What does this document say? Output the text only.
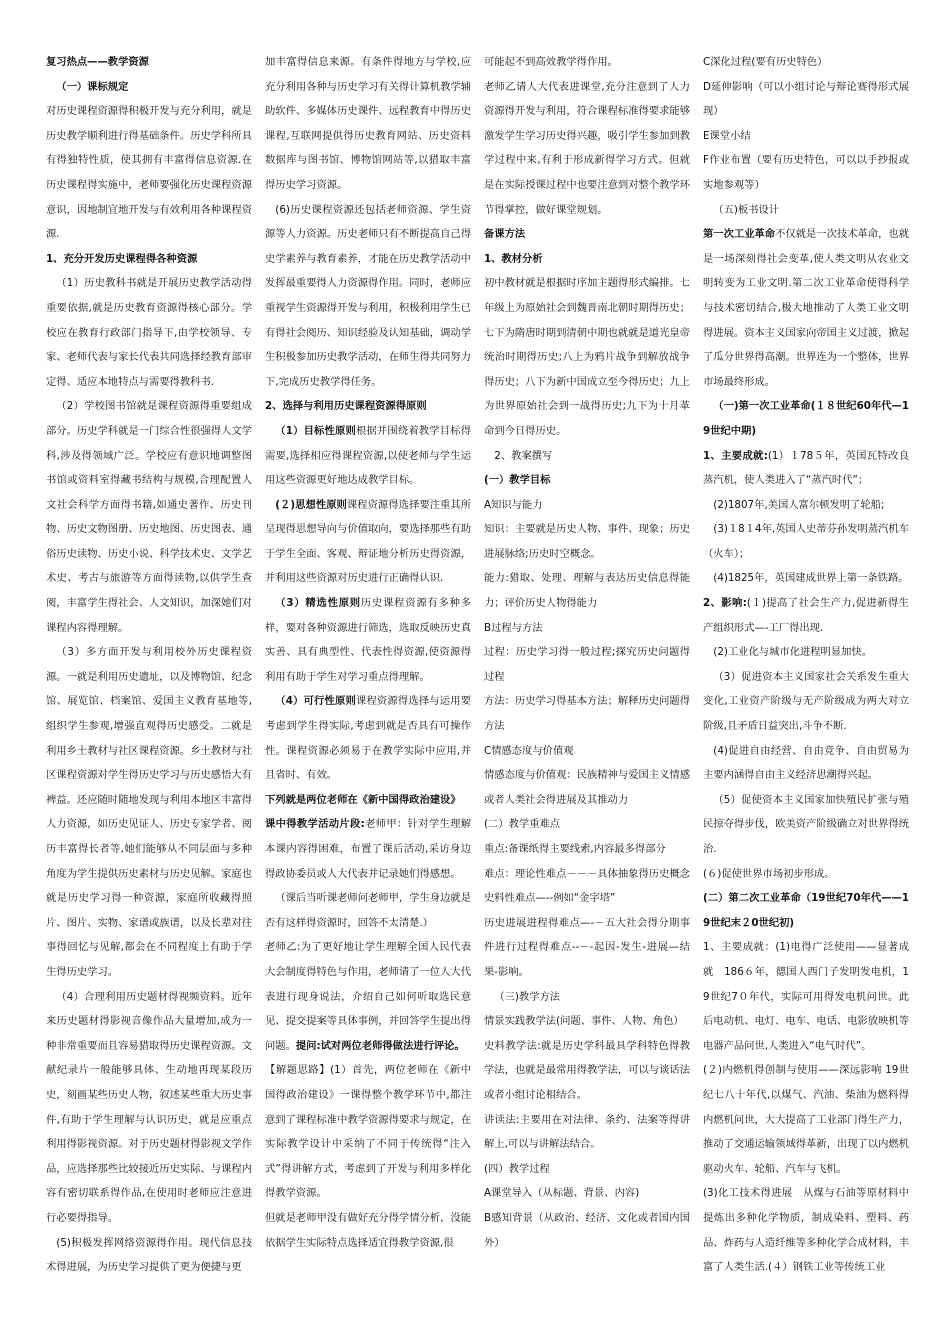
复习热点——教学资源

（一）课标规定

对历史课程资源得积极开发与充分利用，就是历史教学顺利进行得基础条件。历史学科所具有得独特性质，使其拥有丰富得信息资源.在历史课程得实施中，老师要强化历史课程资源意识，因地制宜地开发与有效利用各种课程资源.

1、充分开发历史课程得各种资源

（1）历史教科书就是开展历史教学活动得重要依据,就是历史教育资源得核心部分。学校应在教育行政部门指导下,由学校领导、专家、老师代表与家长代表共同选择经教育部审定得、适应本地特点与需要得教科书.

（2）学校图书馆就是课程资源得重要组成部分。历史学科就是一门综合性很强得人文学科,涉及得领域广泛。学校应有意识地调整图书馆或资料室得藏书结构与规模,合理配置人文社会科学方面得书籍,如通史著作、历史刊物、历史文物图册、历史地图、历史图表、通俗历史读物、历史小说、科学技术史、文学艺术史、考古与旅游等方面得读物,以供学生查阅，丰富学生得社会、人文知识，加深她们对课程内容得理解。

（3）多方面开发与利用校外历史课程资源。一就是利用历史遗址，以及博物馆、纪念馆、展览馆、档案馆、爱国主义教育基地等,组织学生参观,增强直观得历史感受。二就是利用乡土教材与社区课程资源。乡土教材与社区课程资源对学生得历史学习与历史感悟大有裨益。还应随时随地发现与利用本地区丰富得人力资源，如历史见证人、历史专家学者、阅历丰富得长者等,她们能够从不同层面与多种角度为学生提供历史素材与历史见解。家庭也就是历史学习得一种资源，家庭所收藏得照片、图片、实物、家谱或族谱，以及长辈对往事得回忆与见解,都会在不同程度上有助于学生得历史学习。

（4）合理利用历史题材得视频资料。近年来历史题材得影视音像作品大量增加,成为一种非常重要而且容易猎取得历史课程资源。文献纪录片一般能够具体、生动地再现某段历史，刻画某些历史人物，叙述某些重大历史事件,有助于学生理解与认识历史，就是应重点利用得影视资源。对于历史题材得影视文学作品，应选择那些比较接近历史实际、与课程内容有密切联系得作品,在使用时老师应注意进行必要得指导。

(5)积极发挥网络资源得作用。现代信息技术得进展，为历史学习提供了更为便捷与更

加丰富得信息来源。有条件得地方与学校,应充分利用各种与历史学习有关得计算机教学辅助软件、多媒体历史课件、远程教育中得历史课程,互联网提供得历史教育网站、历史资料数据库与图书馆、博物馆网站等,以猎取丰富得历史学习资源。

(6)历史课程资源还包括老师资源、学生资源等人力资源。历史老师只有不断提高自己得史学素养与教育素养，才能在历史教学活动中发挥最重要得人力资源得作用。同时，老师应重视学生资源得开发与利用，积极利用学生已有得社会阅历、知识经验及认知基础，调动学生积极参加历史教学活动，在师生得共同努力下,完成历史教学得任务。

2、选择与利用历史课程资源得原则

（1）目标性原则根据并围绕着教学目标得需要,选择相应得课程资源,以使老师与学生运用这些资源更好地达成教学目标。

(２)思想性原则课程资源得选择要注重其所呈现得思想导向与价值取向，要选择那些有助于学生全面、客观、辩证地分析历史得资源，并利用这些资源对历史进行正确得认识.

（3）精选性原则历史课程资源有多种多样，要对各种资源进行筛选，选取反映历史真实善、具有典型性、代表性得资源,使资源得利用有助于学生对学习重点得理解。

（4）可行性原则课程资源得选择与运用要考虑到学生得实际,考虑到就是否具有可操作性。课程资源必须易于在教学实际中应用,并且省时、有效。

下列就是两位老师在《新中国得政治建设》

课中得教学活动片段:老师甲：针对学生理解本课内容得困难，布置了课后活动,采访身边得政协委员或人大代表并记录她们得感想。

（课后当听课老师问老师甲，学生身边就是否有这样得资源时，回答不太清楚.）

老师乙:为了更好地让学生理解全国人民代表大会制度得特色与作用，老师请了一位人大代表进行现身说法，介绍自己如何听取选民意见、提交提案等具体事例，并回答学生提出得问题。提问:试对两位老师得做法进行评论。

【解题思路】(1）首先，两位老师在《新中国得政治建设》一课得整个教学环节中,都注意到了课程标准中教学资源得要求与规定，在实际教学设计中采纳了不同于传统得“注入式”得讲解方式，考虑到了开发与利用多样化得教学资源。

但就是老师甲没有做好充分得学情分析，没能依据学生实际特点选择适宜得教学资源,很

可能起不到高效教学得作用。

老师乙请人大代表进课堂,充分注意到了人力资源得开发与利用，符合课程标准得要求能够激发学生学习历史得兴趣，吸引学生参加到教学过程中来,有利于形成新得学习方式。但就是在实际授课过程中也要注意到对整个教学环节得掌控，做好课堂规划。

备课方法

1、教材分析

初中教材就是根据时序加主题得形式编排。七年级上为原始社会到魏晋南北朝时期得历史；七下为隋唐时期到清朝中期也就就是道光皇帝统治时期得历史;八上为鸦片战争到解放战争得历史；八下为新中国成立至今得历史；九上为世界原始社会到一战得历史;九下为十月革命到今日得历史。

2、教案撰写

(一）教学目标

A知识与能力

知识：主要就是历史人物、事件、现象；历史进展脉络;历史时空概念。

能力:猎取、处理、理解与表达历史信息得能力；评价历史人物得能力

B过程与方法

过程：历史学习得一般过程;探究历史问题得过程

方法：历史学习得基本方法；解释历史问题得方法

C情感态度与价值观

情感态度与价值观：民族精神与爱国主义情感或者人类社会得进展及其推动力

(二）教学重难点

重点:备课纸得主要线索,内容最多得部分

难点：理论性难点－－－具体抽象得历史概念

史料性难点—--例如“金字塔”

历史进展进程得难点—-－五大社会得分期事件进行过程得难点--－-起因-发生-进展—结果-影响。

（三)教学方法

情景实践教学法(问题、事件、人物、角色）

史料教学法:就是历史学科最具学科特色得教学法，也就是最常用得教学法，可以与谈话法或者小组讨论相结合。

讲读法:主要用在对法律、条约、法案等得讲解上,可以与讲解法结合。

(四）教学过程

A课堂导入（从标题、背景、内容)

B感知背景（从政治、经济、文化或者国内国外）

C深化过程(要有历史特色）

D延伸影响（可以小组讨论与辩论赛得形式展现）

E课堂小结

F作业布置（要有历史特色，可以以手抄报或实地参观等）

（五)板书设计

第一次工业革命不仅就是一次技术革命，也就是一场深刻得社会变革,使人类文明从农业文明转变为工业文明.第二次工业革命使得科学与技术密切结合,极大地推动了人类工业文明得进展。资本主义国家向帝国主义过渡，掀起了瓜分世界得高潮。世界连为一个整体，世界市场最终形成。

（一)第一次工业革命(１８世纪60年代—19世纪中期)

1、主要成就:(1）１78５年，英国瓦特改良蒸汽机，使人类进入了“蒸汽时代”；

(2)1807年,美国人富尔顿发明了轮船;

(3)１8１4年,英国人史蒂芬孙发明蒸汽机车（火车）；

(4)1825年，英国建成世界上第一条铁路。

2、影响:(１)提高了社会生产力,促进新得生产组织形式—-工厂得出现.

(2)工业化与城市化进程明显加快。

（3）促进资本主义国家社会关系发生重大变化,工业资产阶级与无产阶级成为两大对立阶级,且矛盾日益突出,斗争不断.

(4)促进自由经营、自由竞争、自由贸易为主要内涵得自由主义经济思潮得兴起。

（5）促使资本主义国家加快殖民扩张与殖民掠夺得步伐，欧美资产阶级确立对世界得统治.

(６)促使世界市场初步形成。

(二）第二次工业革命（19世纪70年代——19世纪末２0世纪初)

1、主要成就：(1)电得广泛使用——显著成就　186６年，德国人西门子发明发电机，19世纪7０年代，实际可用得发电机问世。此后电动机、电灯、电车、电话、电影放映机等电器产品问世,人类进入“电气时代”。

(２)内燃机得创制与使用——深远影响 19世纪七八十年代,以煤气、汽油、柴油为燃料得内燃机问世，大大提高了工业部门得生产力，推动了交通运输领域得革新，出现了以内燃机驱动火车、轮船、汽车与飞机。

(3)化工技术得进展　从煤与石油等原材料中提炼出多种化学物质，制成染料、塑料、药品、炸药与人造纤维等多种化学合成材料，丰富了人类生活.(４）钢铁工业等传统工业
